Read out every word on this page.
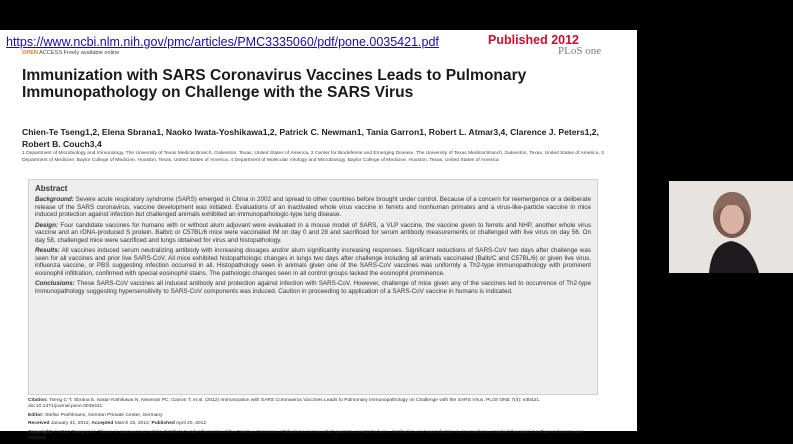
https://www.ncbi.nlm.nih.gov/pmc/articles/PMC3335060/pdf/pone.0035421.pdf	Published 2012
PLoS one
OPEN ACCESS Freely available online
Immunization with SARS Coronavirus Vaccines Leads to Pulmonary Immunopathology on Challenge with the SARS Virus

Chien-Te Tseng1,2, Elena Sbrana1, Naoko Iwata-Yoshikawa1,2, Patrick C. Newman1, Tania Garron1, Robert L. Atmar3,4, Clarence J. Peters1,2, Robert B. Couch3,4

1 Department of Microbiology and Immunology, The University of Texas Medical Branch, Galveston, Texas, United States of America, 2 Center for Biodefense and Emerging Disease, The University of Texas Medical Branch, Galveston, Texas, United States of America, 3 Department of Medicine, Baylor College of Medicine, Houston, Texas, United States of America, 4 Department of Molecular Virology and Microbiology, Baylor College of Medicine, Houston, Texas, United States of America

Abstract

Background: Severe acute respiratory syndrome (SARS) emerged in China in 2002 and spread to other countries before brought under control. Because of a concern for reemergence or a deliberate release of the SARS coronavirus, vaccine development was initiated. Evaluations of an inactivated whole virus vaccine in ferrets and nonhuman primates and a virus-like-particle vaccine in mice induced protection against infection but challenged animals exhibited an immunopathologic-type lung disease.

Design: Four candidate vaccines for humans with or without alum adjuvant were evaluated in a mouse model of SARS, a VLP vaccine, the vaccine given to ferrets and NHP, another whole virus vaccine and an rDNA-produced S protein. Balb/c or C57BL/6 mice were vaccinated IM on day 0 and 28 and sacrificed for serum antibody measurements or challenged with live virus on day 56. On day 58, challenged mice were sacrificed and lungs obtained for virus and histopathology.

Results: All vaccines induced serum neutralizing antibody with increasing dosages and/or alum significantly increasing responses. Significant reductions of SARS-CoV two days after challenge was seen for all vaccines and prior live SARS-CoV. All mice exhibited histopathologic changes in lungs two days after challenge including all animals vaccinated (Balb/C and C57BL/6) or given live virus, influenza vaccine, or PBS suggesting infection occurred in all. Histopathology seen in animals given one of the SARS-CoV vaccines was uniformly a Th2-type immunopathology with prominent eosinophil infiltration, confirmed with special eosinophil stains. The pathologic changes seen in all control groups lacked the eosinophil prominence.

Conclusions: These SARS-CoV vaccines all induced antibody and protection against infection with SARS-CoV. However, challenge of mice given any of the vaccines led to occurrence of Th2-type immunopathology suggesting hypersensitivity to SARS-CoV components was induced. Caution in proceeding to application of a SARS-CoV vaccine in humans is indicated.

Citation: Tseng C-T, Sbrana E, Iwata-Yoshikawa N, Newman PC, Garron T, et al. (2012) Immunization with SARS Coronavirus Vaccines Leads to Pulmonary Immunopathology on Challenge with the SARS Virus. PLoS ONE 7(4): e35421. doi:10.1371/journal.pone.0035421

Editor: Stefan Poehlmann, German Primate Center, Germany

Received January 31, 2012; Accepted March 15, 2012; Published April 20, 2012

Copyright: © 2012 Tseng et al. This is an open-access article distributed under the terms of the Creative Commons Attribution License, which permits unrestricted use, distribution, and reproduction in any medium, provided the original author and source are credited.
